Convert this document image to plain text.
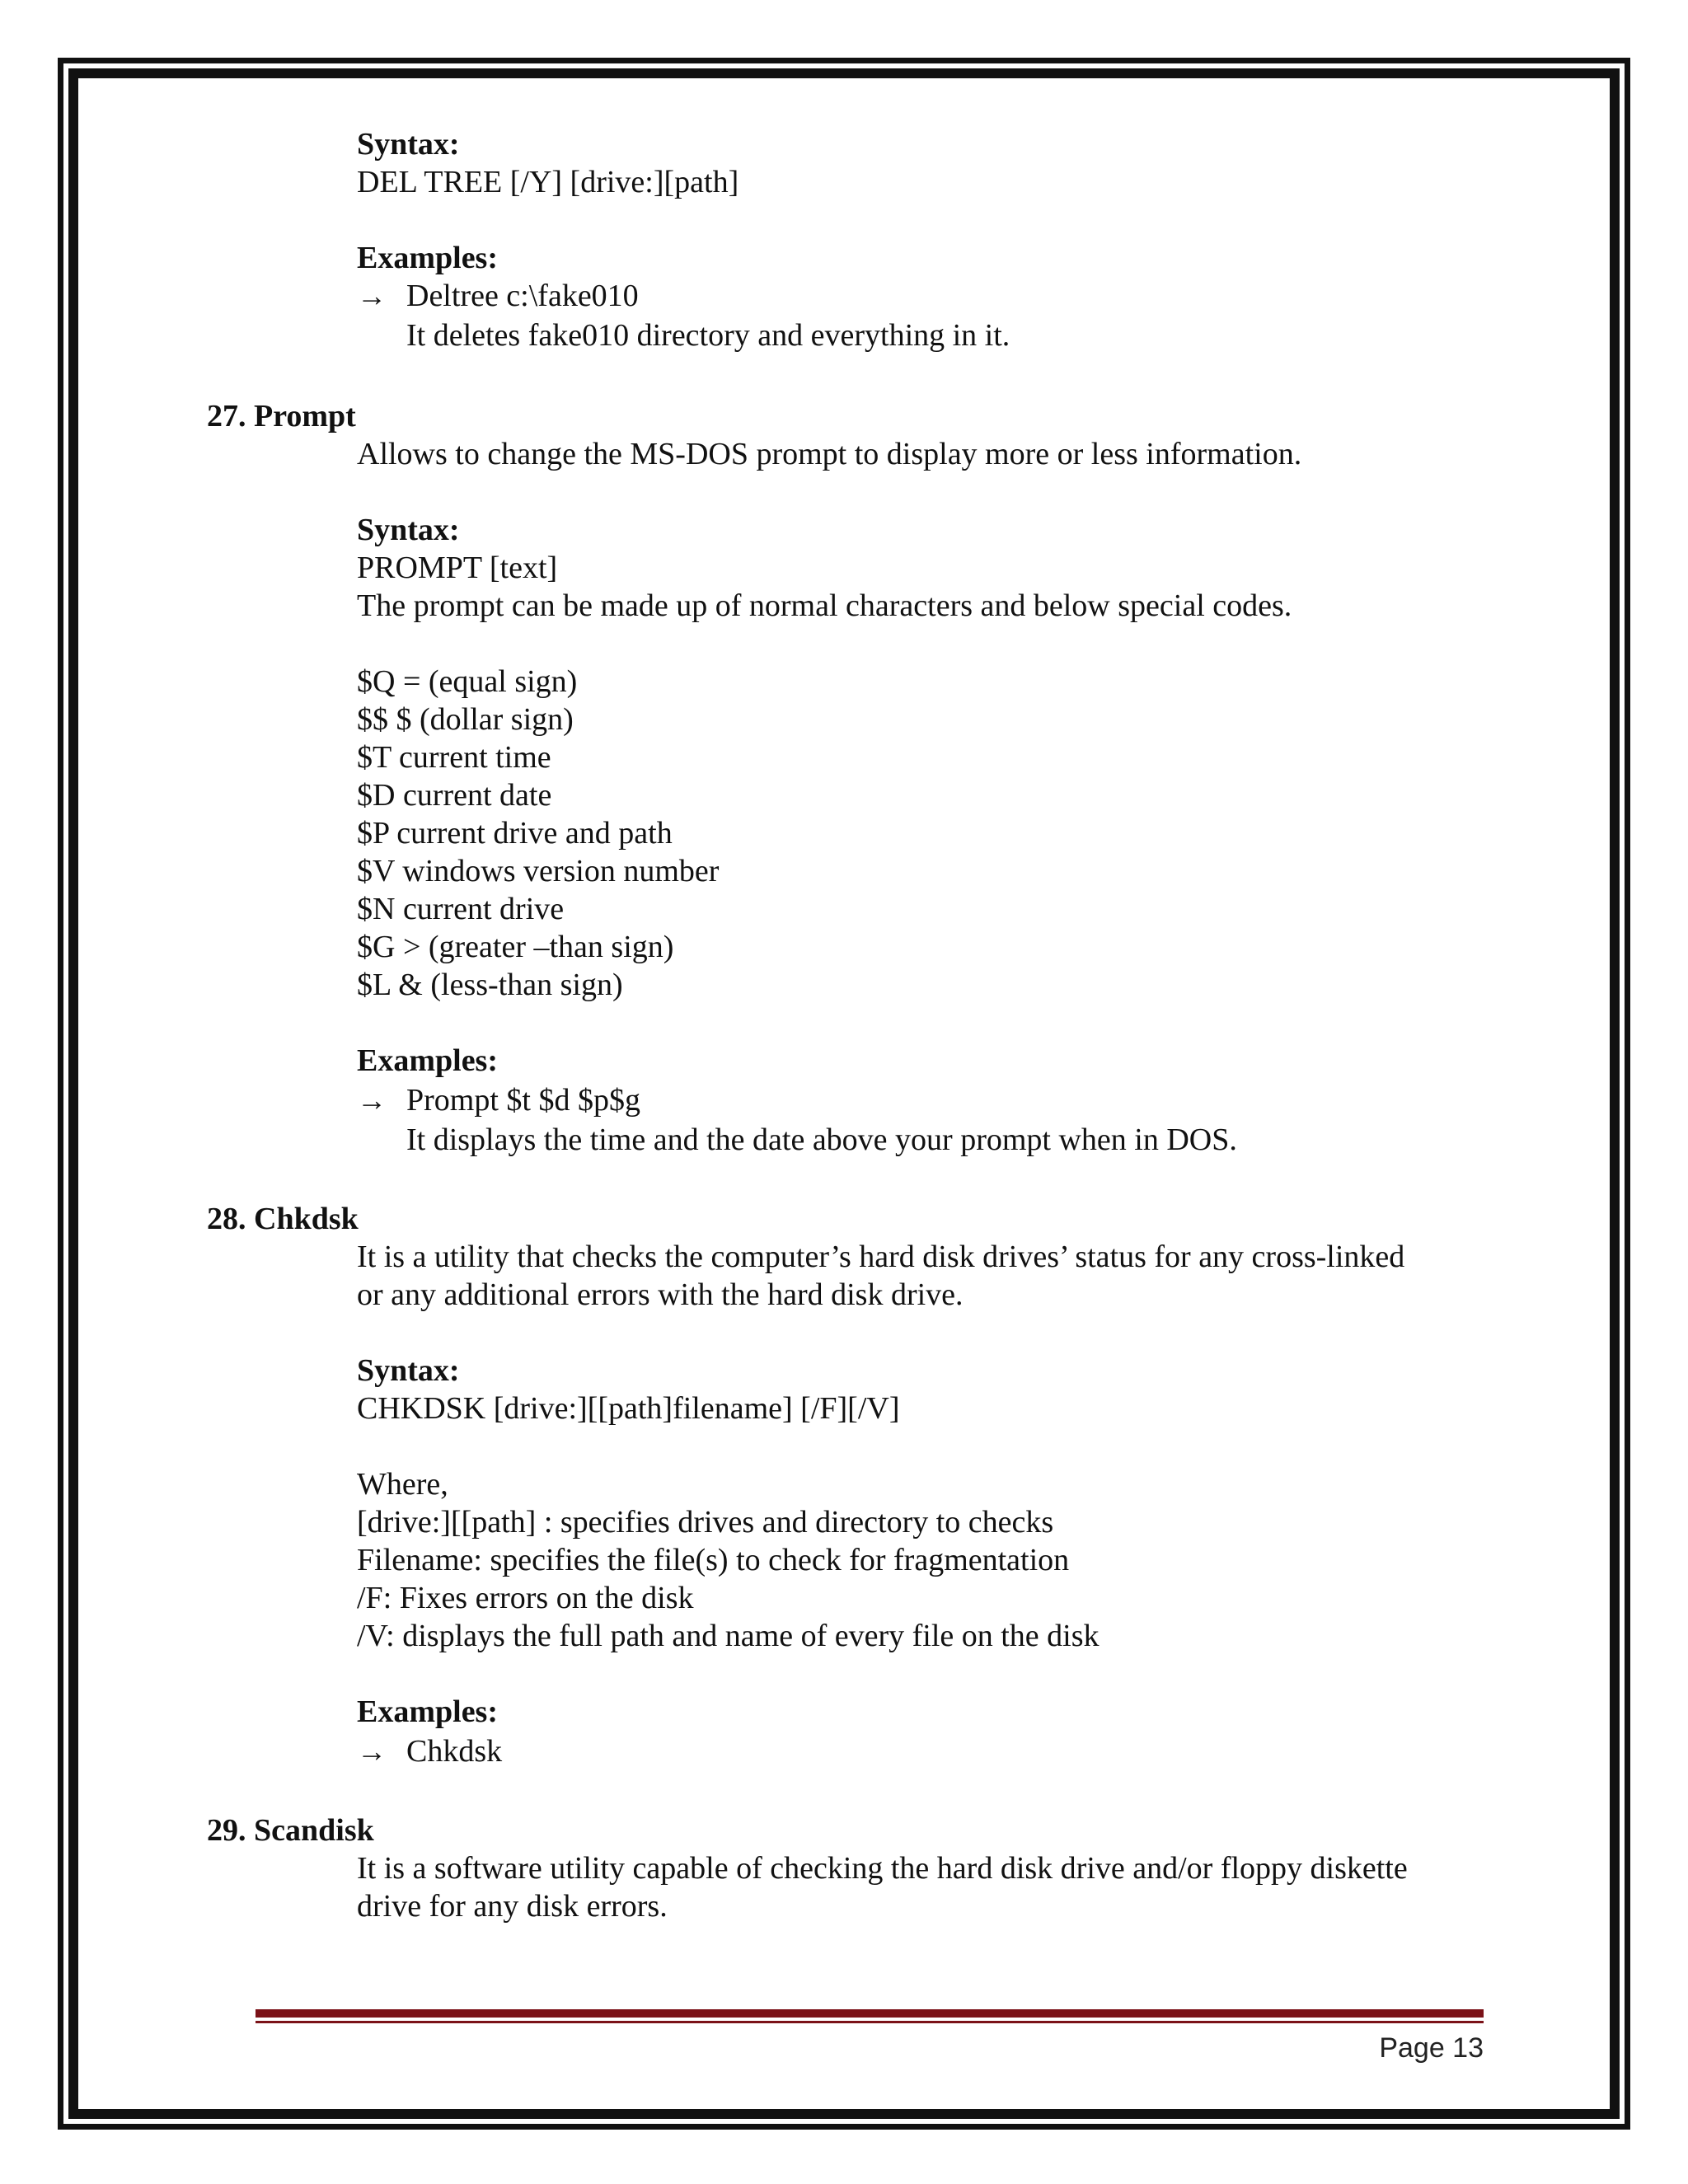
Syntax:
DEL TREE [/Y] [drive:][path]
Examples:
→ Deltree c:\fake010
It deletes fake010 directory and everything in it.
27. Prompt
Allows to change the MS-DOS prompt to display more or less information.
Syntax:
PROMPT [text]
The prompt can be made up of normal characters and below special codes.
$Q = (equal sign)
$$ $ (dollar sign)
$T current time
$D current date
$P current drive and path
$V windows version number
$N current drive
$G > (greater –than sign)
$L & (less-than sign)
Examples:
→ Prompt $t $d $p$g
It displays the time and the date above your prompt when in DOS.
28. Chkdsk
It is a utility that checks the computer’s hard disk drives’ status for any cross-linked
or any additional errors with the hard disk drive.
Syntax:
CHKDSK [drive:][[path]filename] [/F][/V]
Where,
[drive:][[path] : specifies drives and directory to checks
Filename: specifies the file(s) to check for fragmentation
/F: Fixes errors on the disk
/V: displays the full path and name of every file on the disk
Examples:
→ Chkdsk
29. Scandisk
It is a software utility capable of checking the hard disk drive and/or floppy diskette
drive for any disk errors.
Page 13
